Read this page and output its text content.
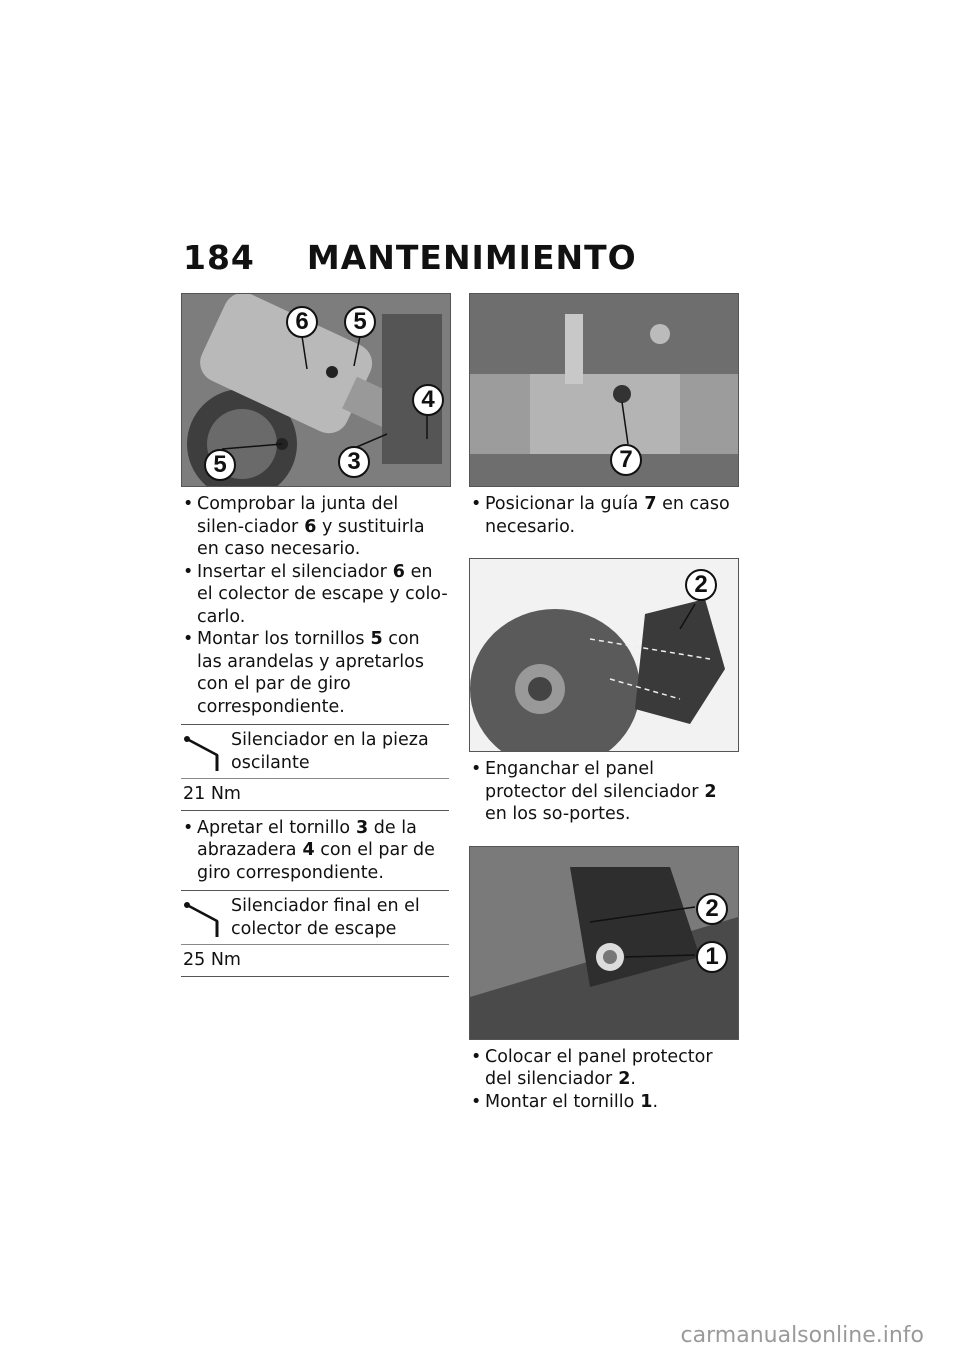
184 MANTENIMIENTO
6	5
4
5	3
• Comprobar la junta del silen-ciador 6 y sustituirla en caso necesario.
• Insertar el silenciador 6 en el colector de escape y colo-carlo.
• Montar los tornillos 5 con las arandelas y apretarlos con el par de giro correspondiente.
Silenciador en la pieza oscilante
21 Nm
• Apretar el tornillo 3 de la abrazadera 4 con el par de giro correspondiente.
Silenciador final en el colector de escape
25 Nm
7
• Posicionar la guía 7 en caso necesario.
2
• Enganchar el panel protector del silenciador 2 en los so-portes.
2
1
• Colocar el panel protector del silenciador 2.
• Montar el tornillo 1.
carmanualsonline.info
